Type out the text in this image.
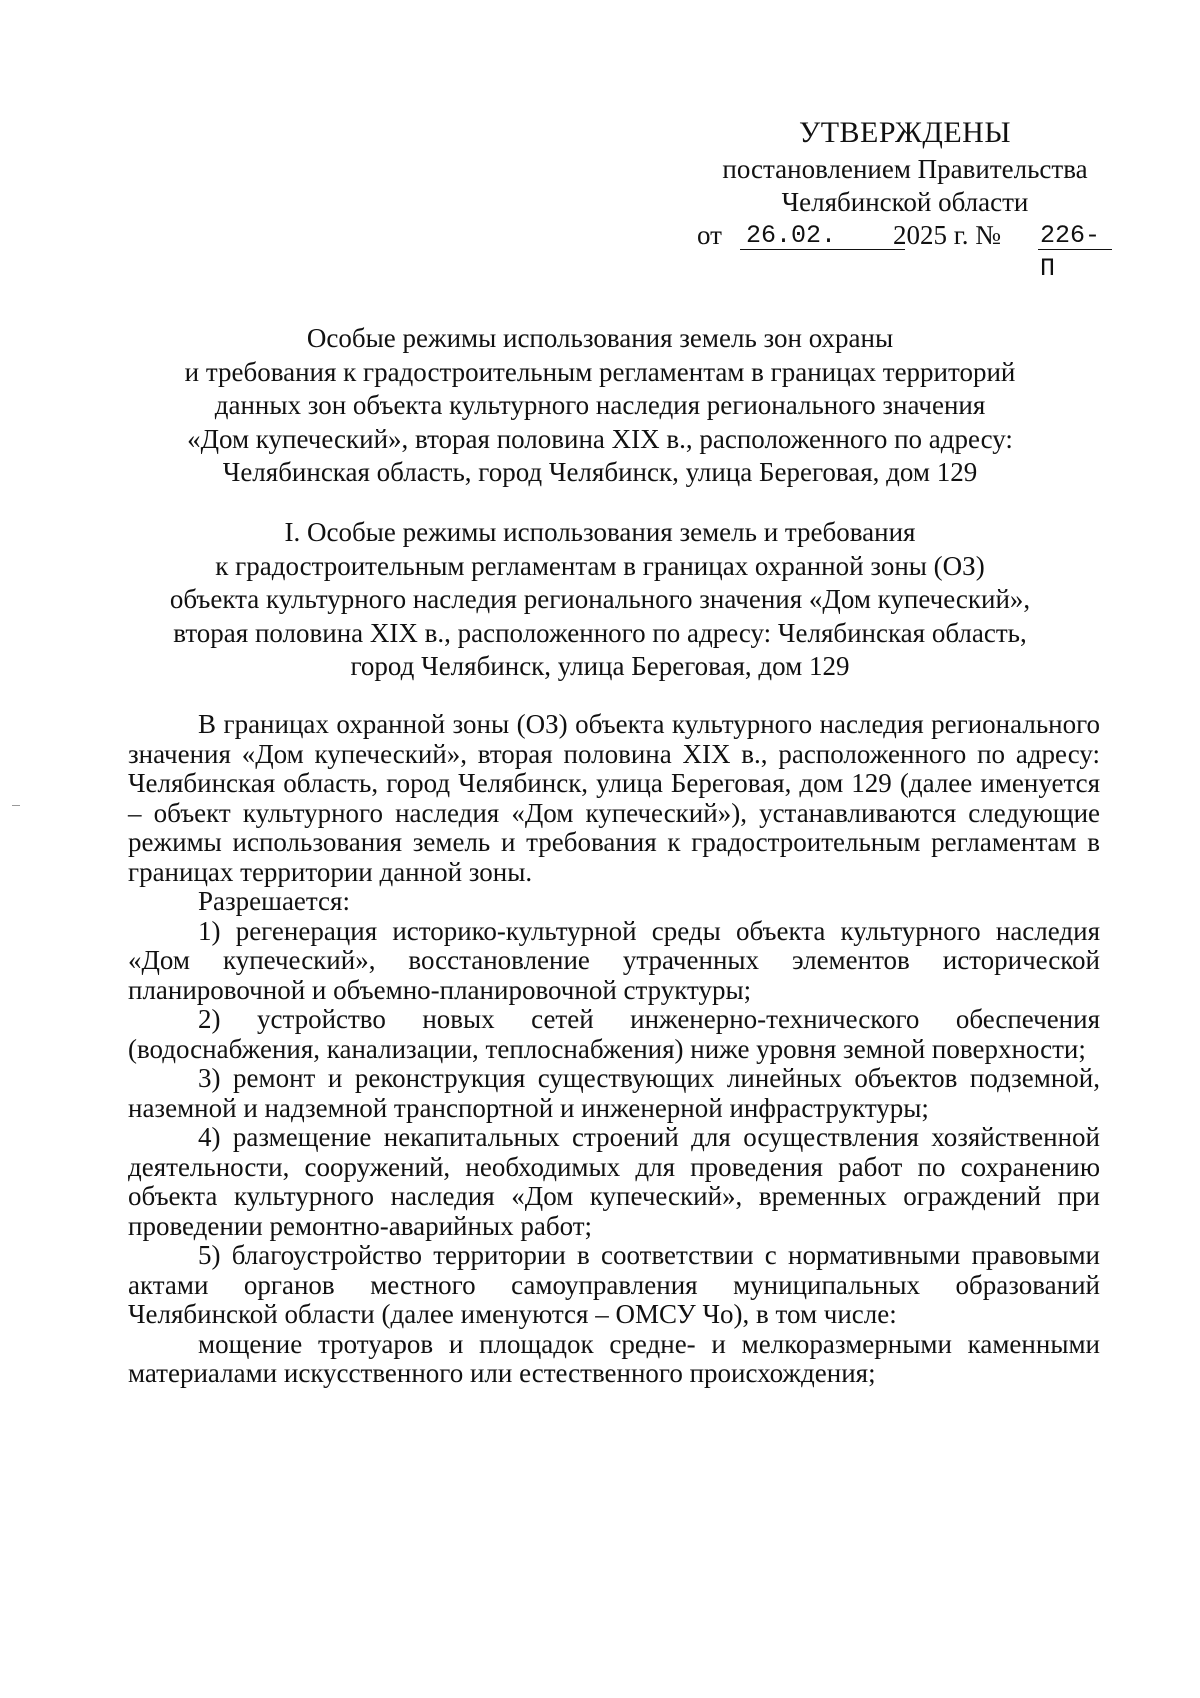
УТВЕРЖДЕНЫ
постановлением Правительства
Челябинской области
от 26.02. 2025 г. № 226-П
Особые режимы использования земель зон охраны
и требования к градостроительным регламентам в границах территорий
данных зон объекта культурного наследия регионального значения
«Дом купеческий», вторая половина XIX в., расположенного по адресу:
Челябинская область, город Челябинск, улица Береговая, дом 129
I. Особые режимы использования земель и требования
к градостроительным регламентам в границах охранной зоны (ОЗ)
объекта культурного наследия регионального значения «Дом купеческий»,
вторая половина XIX в., расположенного по адресу: Челябинская область,
город Челябинск, улица Береговая, дом 129

В границах охранной зоны (ОЗ) объекта культурного наследия регионального значения «Дом купеческий», вторая половина XIX в., расположенного по адресу: Челябинская область, город Челябинск, улица Береговая, дом 129 (далее именуется – объект культурного наследия «Дом купеческий»), устанавливаются следующие режимы использования земель и требования к градостроительным регламентам в границах территории данной зоны.

Разрешается:

1) регенерация историко-культурной среды объекта культурного наследия «Дом купеческий», восстановление утраченных элементов исторической планировочной и объемно-планировочной структуры;

2) устройство новых сетей инженерно-технического обеспечения (водоснабжения, канализации, теплоснабжения) ниже уровня земной поверхности;

3) ремонт и реконструкция существующих линейных объектов подземной, наземной и надземной транспортной и инженерной инфраструктуры;

4) размещение некапитальных строений для осуществления хозяйственной деятельности, сооружений, необходимых для проведения работ по сохранению объекта культурного наследия «Дом купеческий», временных ограждений при проведении ремонтно-аварийных работ;

5) благоустройство территории в соответствии с нормативными правовыми актами органов местного самоуправления муниципальных образований Челябинской области (далее именуются – ОМСУ Чо), в том числе:

мощение тротуаров и площадок средне- и мелкоразмерными каменными материалами искусственного или естественного происхождения;
